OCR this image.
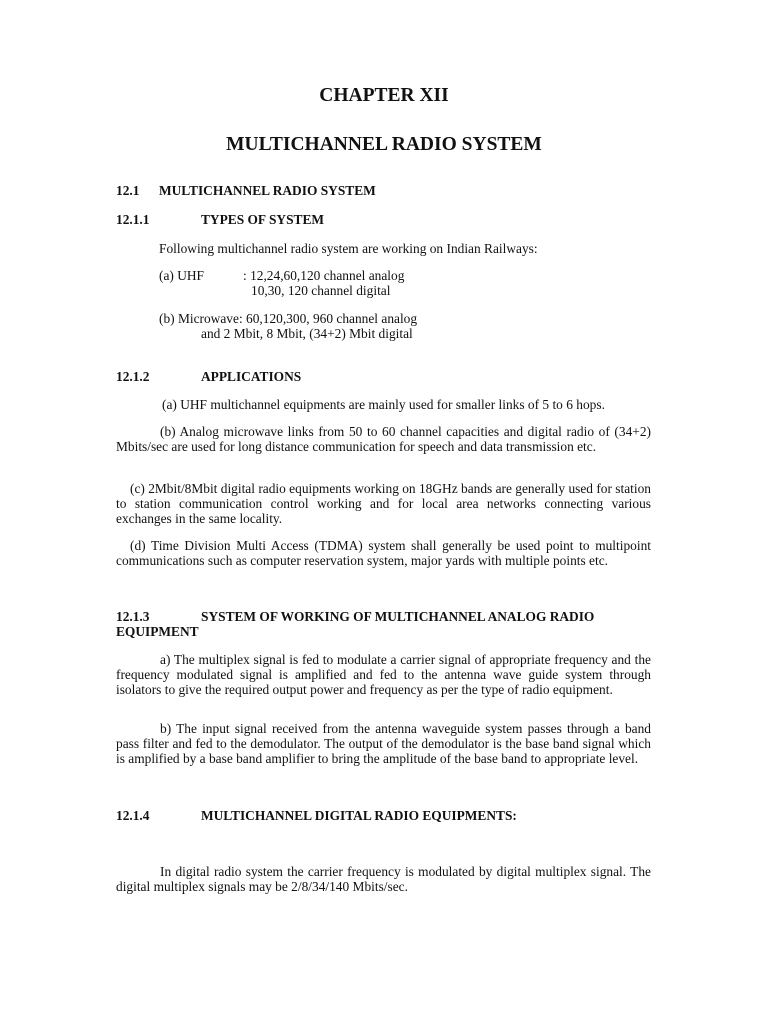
CHAPTER XII
MULTICHANNEL RADIO SYSTEM
12.1 MULTICHANNEL RADIO SYSTEM
12.1.1	TYPES OF SYSTEM
Following multichannel radio system are working on Indian Railways:
(a) UHF	: 12,24,60,120 channel analog
10,30, 120 channel digital
(b) Microwave: 60,120,300, 960 channel analog
and 2 Mbit, 8 Mbit, (34+2) Mbit digital
12.1.2	APPLICATIONS
(a) UHF multichannel equipments are mainly used for smaller links of 5 to 6 hops.
(b) Analog microwave links from 50 to 60 channel capacities and digital radio of (34+2) Mbits/sec are used for long distance communication for speech and data transmission etc.
(c) 2Mbit/8Mbit digital radio equipments working on 18GHz bands are generally used for station to station communication control working and for local area networks connecting various exchanges in the same locality.
(d) Time Division Multi Access (TDMA) system shall generally be used point to multipoint communications such as computer reservation system, major yards with multiple points etc.
12.1.3	SYSTEM OF WORKING OF MULTICHANNEL ANALOG RADIO
EQUIPMENT
a) The multiplex signal is fed to modulate a carrier signal of appropriate frequency and the frequency modulated signal is amplified and fed to the antenna wave guide system through isolators to give the required output power and frequency as per the type of radio equipment.
b) The input signal received from the antenna waveguide system passes through a band pass filter and fed to the demodulator. The output of the demodulator is the base band signal which is amplified by a base band amplifier to bring the amplitude of the base band to appropriate level.
12.1.4	MULTICHANNEL DIGITAL RADIO EQUIPMENTS:
In digital radio system the carrier frequency is modulated by digital multiplex signal. The digital multiplex signals may be 2/8/34/140 Mbits/sec.
